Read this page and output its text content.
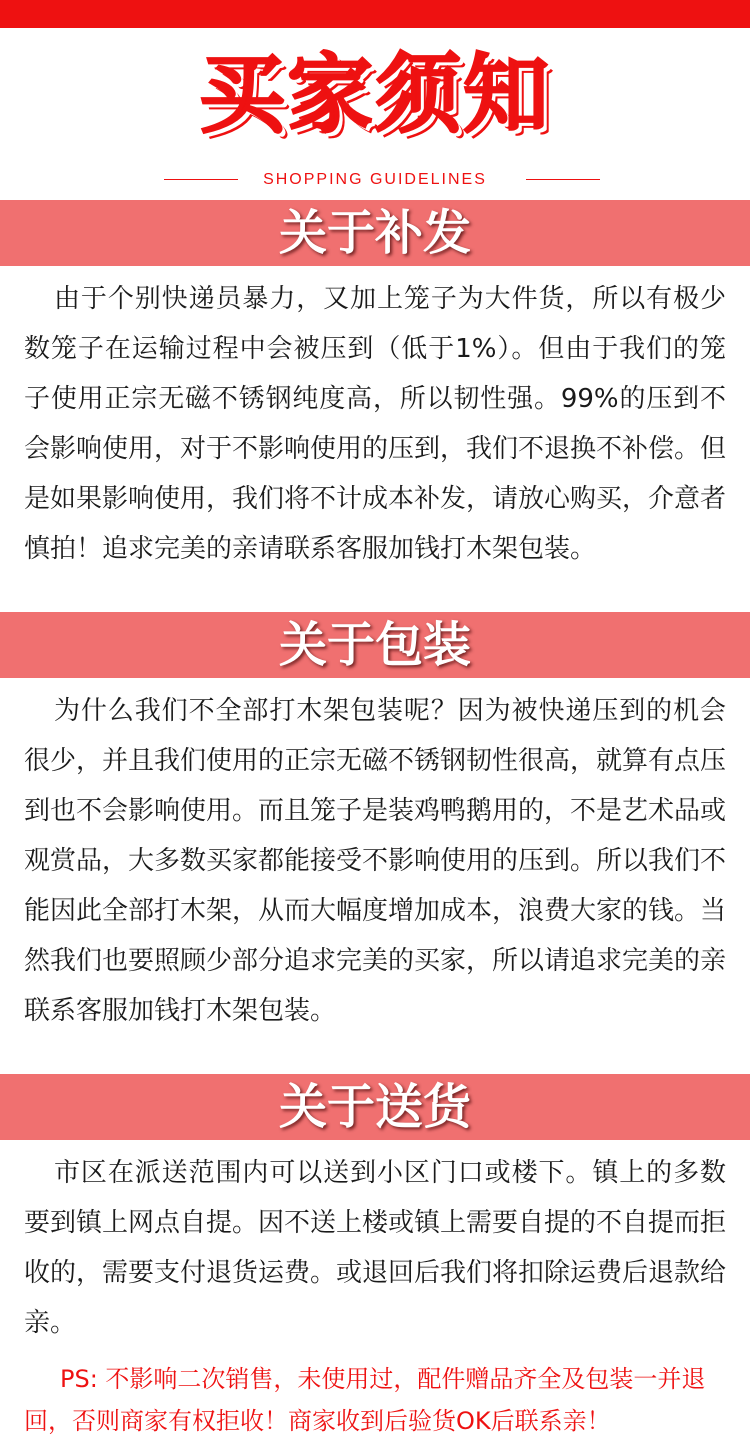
买家须知
SHOPPING GUIDELINES
关于补发

由于个别快递员暴力，又加上笼子为大件货，所以有极少数笼子在运输过程中会被压到（低于1%）。但由于我们的笼子使用正宗无磁不锈钢纯度高，所以韧性强。99%的压到不会影响使用，对于不影响使用的压到，我们不退换不补偿。但是如果影响使用，我们将不计成本补发，请放心购买，介意者慎拍！追求完美的亲请联系客服加钱打木架包装。

关于包装

为什么我们不全部打木架包装呢？因为被快递压到的机会很少，并且我们使用的正宗无磁不锈钢韧性很高，就算有点压到也不会影响使用。而且笼子是装鸡鸭鹅用的，不是艺术品或观赏品，大多数买家都能接受不影响使用的压到。所以我们不能因此全部打木架，从而大幅度增加成本，浪费大家的钱。当然我们也要照顾少部分追求完美的买家，所以请追求完美的亲联系客服加钱打木架包装。

关于送货

市区在派送范围内可以送到小区门口或楼下。镇上的多数要到镇上网点自提。因不送上楼或镇上需要自提的不自提而拒收的，需要支付退货运费。或退回后我们将扣除运费后退款给亲。

PS: 不影响二次销售，未使用过，配件赠品齐全及包装一并退回，否则商家有权拒收！商家收到后验货OK后联系亲！
